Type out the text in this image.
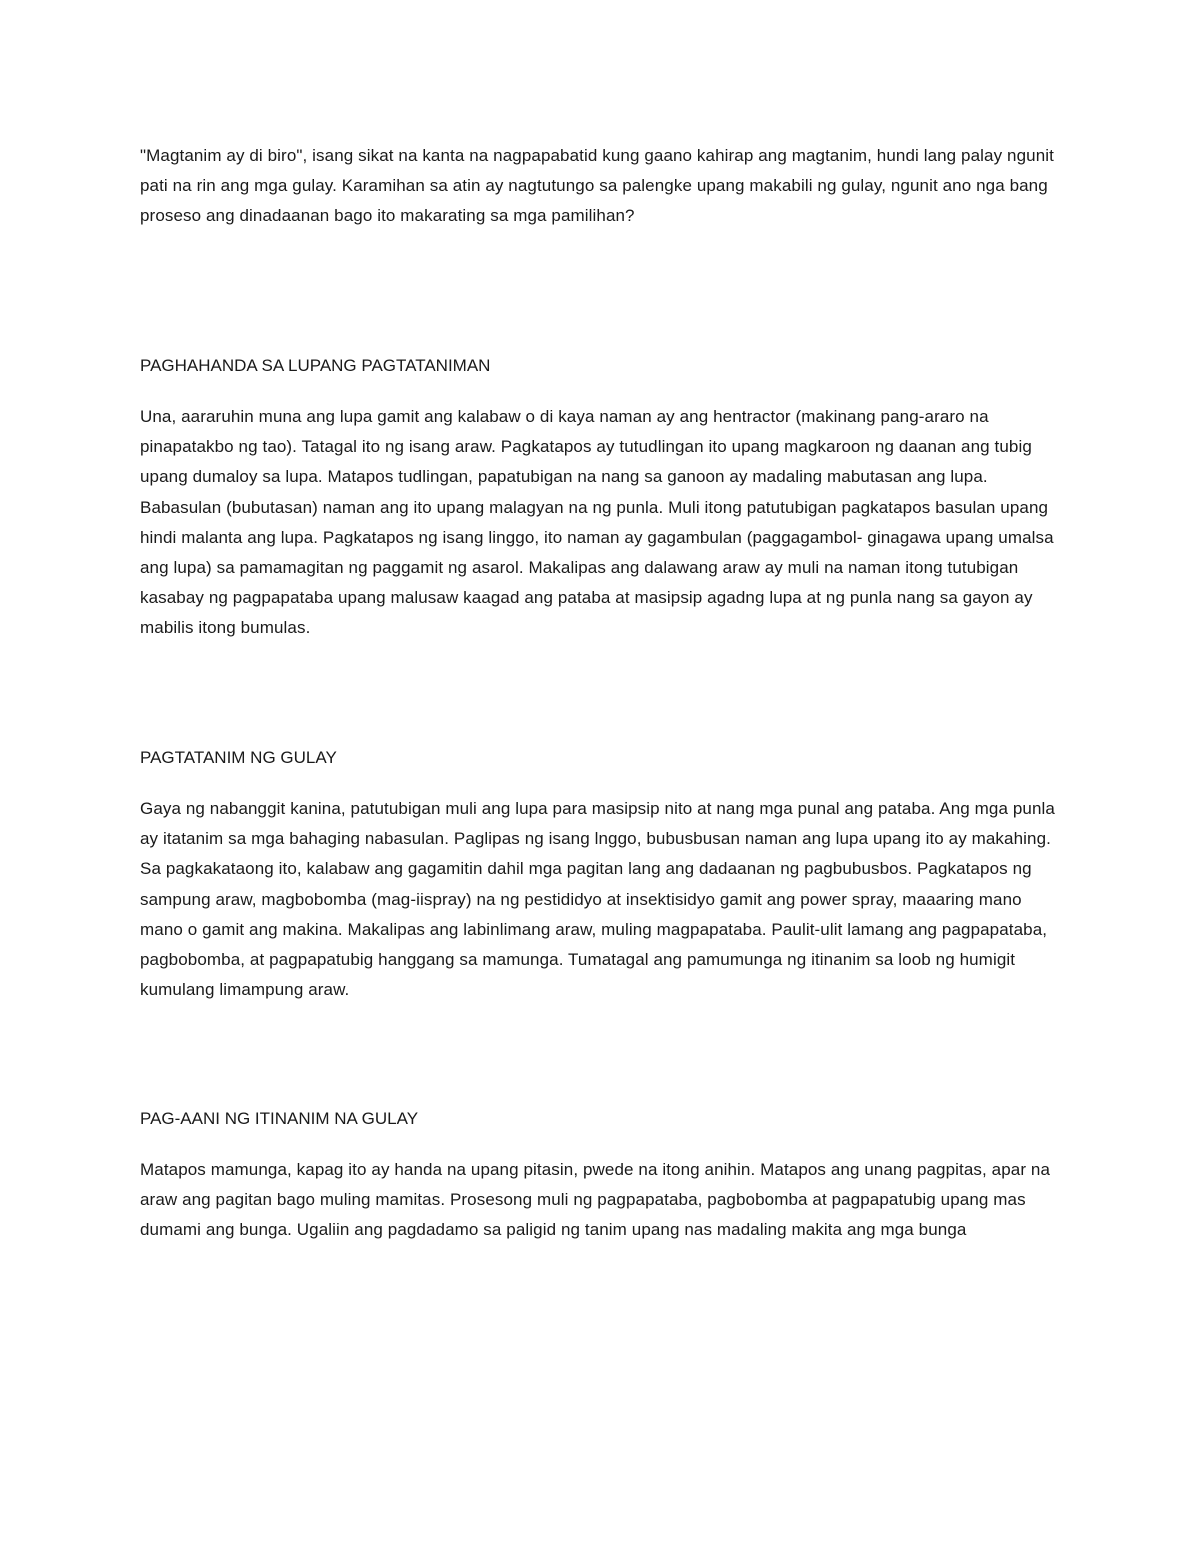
"Magtanim ay di biro", isang sikat na kanta na nagpapabatid kung gaano kahirap ang magtanim, hundi lang palay ngunit pati na rin ang mga gulay. Karamihan sa atin ay nagtutungo sa palengke upang makabili ng gulay, ngunit ano nga bang proseso ang dinadaanan bago ito makarating sa mga pamilihan?

PAGHAHANDA SA LUPANG PAGTATANIMAN

Una, aararuhin muna ang lupa gamit ang kalabaw o di kaya naman ay ang hentractor (makinang pang-araro na pinapatakbo ng tao). Tatagal ito ng isang araw. Pagkatapos ay tutudlingan ito upang magkaroon ng daanan ang tubig upang dumaloy sa lupa. Matapos tudlingan, papatubigan na nang sa ganoon ay madaling mabutasan ang lupa. Babasulan (bubutasan) naman ang ito upang malagyan na ng punla. Muli itong patutubigan pagkatapos basulan upang hindi malanta ang lupa. Pagkatapos ng isang linggo, ito naman ay gagambulan (paggagambol- ginagawa upang umalsa ang lupa) sa pamamagitan ng paggamit ng asarol. Makalipas ang dalawang araw ay muli na naman itong tutubigan kasabay ng pagpapataba upang malusaw kaagad ang pataba at masipsip agadng lupa at ng punla nang sa gayon ay mabilis itong bumulas.

PAGTATANIM NG GULAY

Gaya ng nabanggit kanina, patutubigan muli ang lupa para masipsip nito at nang mga punal ang pataba. Ang mga punla ay itatanim sa mga bahaging nabasulan. Paglipas ng isang lnggo, bubusbusan naman ang lupa upang ito ay makahing. Sa pagkakataong ito, kalabaw ang gagamitin dahil mga pagitan lang ang dadaanan ng pagbubusbos. Pagkatapos ng sampung araw, magbobomba (mag-iispray) na ng pestididyo at insektisidyo gamit ang power spray, maaaring mano mano o gamit ang makina. Makalipas ang labinlimang araw, muling magpapataba. Paulit-ulit lamang ang pagpapataba, pagbobomba, at pagpapatubig hanggang sa mamunga. Tumatagal ang pamumunga ng itinanim sa loob ng humigit kumulang limampung araw.

PAG-AANI NG ITINANIM NA GULAY

Matapos mamunga, kapag ito ay handa na upang pitasin, pwede na itong anihin. Matapos ang unang pagpitas, apar na araw ang pagitan bago muling mamitas. Prosesong muli ng pagpapataba, pagbobomba at pagpapatubig upang mas dumami ang bunga. Ugaliin ang pagdadamo sa paligid ng tanim upang nas madaling makita ang mga bunga
